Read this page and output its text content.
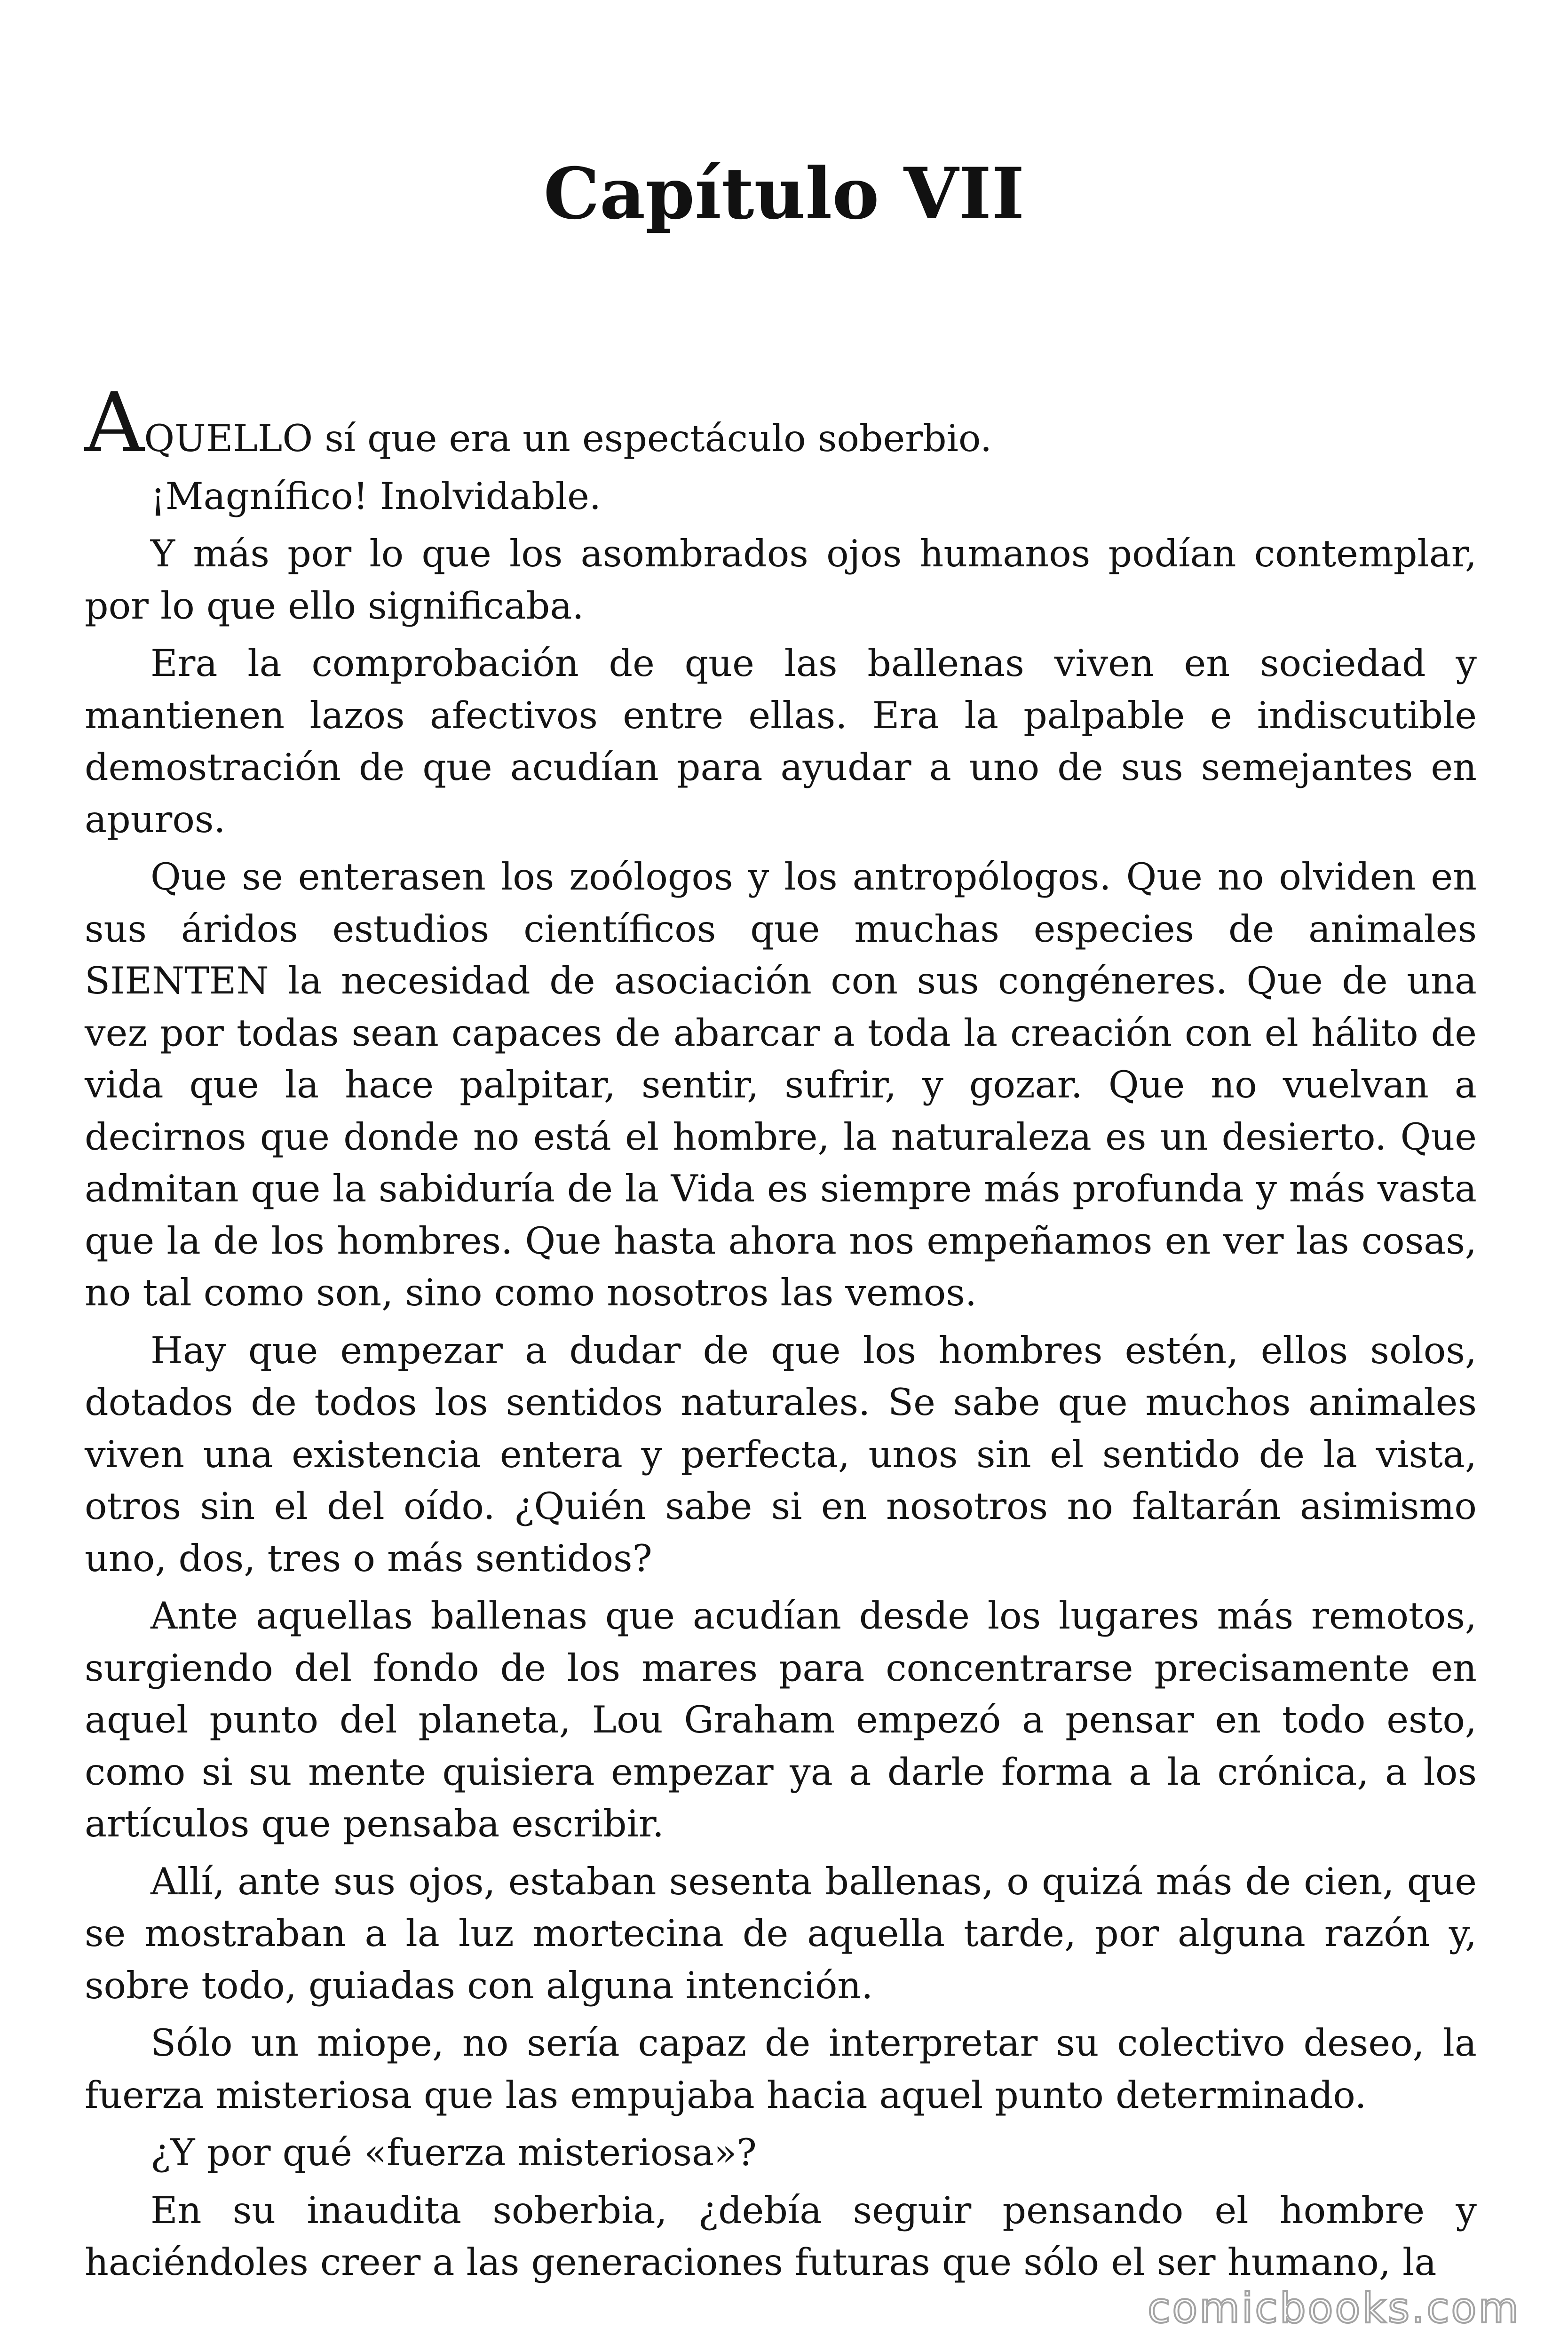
Capítulo VII

AQUELLO sí que era un espectáculo soberbio.

¡Magnífico! Inolvidable.

Y más por lo que los asombrados ojos humanos podían contemplar, por lo que ello significaba.

Era la comprobación de que las ballenas viven en sociedad y mantienen lazos afectivos entre ellas. Era la palpable e indiscutible demostración de que acudían para ayudar a uno de sus semejantes en apuros.

Que se enterasen los zoólogos y los antropólogos. Que no olviden en sus áridos estudios científicos que muchas especies de animales SIENTEN la necesidad de asociación con sus congéneres. Que de una vez por todas sean capaces de abarcar a toda la creación con el hálito de vida que la hace palpitar, sentir, sufrir, y gozar. Que no vuelvan a decirnos que donde no está el hombre, la naturaleza es un desierto. Que admitan que la sabiduría de la Vida es siempre más profunda y más vasta que la de los hombres. Que hasta ahora nos empeñamos en ver las cosas, no tal como son, sino como nosotros las vemos.

Hay que empezar a dudar de que los hombres estén, ellos solos, dotados de todos los sentidos naturales. Se sabe que muchos animales viven una existencia entera y perfecta, unos sin el sentido de la vista, otros sin el del oído. ¿Quién sabe si en nosotros no faltarán asimismo uno, dos, tres o más sentidos?

Ante aquellas ballenas que acudían desde los lugares más remotos, surgiendo del fondo de los mares para concentrarse precisamente en aquel punto del planeta, Lou Graham empezó a pensar en todo esto, como si su mente quisiera empezar ya a darle forma a la crónica, a los artículos que pensaba escribir.

Allí, ante sus ojos, estaban sesenta ballenas, o quizá más de cien, que se mostraban a la luz mortecina de aquella tarde, por alguna razón y, sobre todo, guiadas con alguna intención.

Sólo un miope, no sería capaz de interpretar su colectivo deseo, la fuerza misteriosa que las empujaba hacia aquel punto determinado.

¿Y por qué «fuerza misteriosa»?

En su inaudita soberbia, ¿debía seguir pensando el hombre y haciéndoles creer a las generaciones futuras que sólo el ser humano, la

comicbooks.com
